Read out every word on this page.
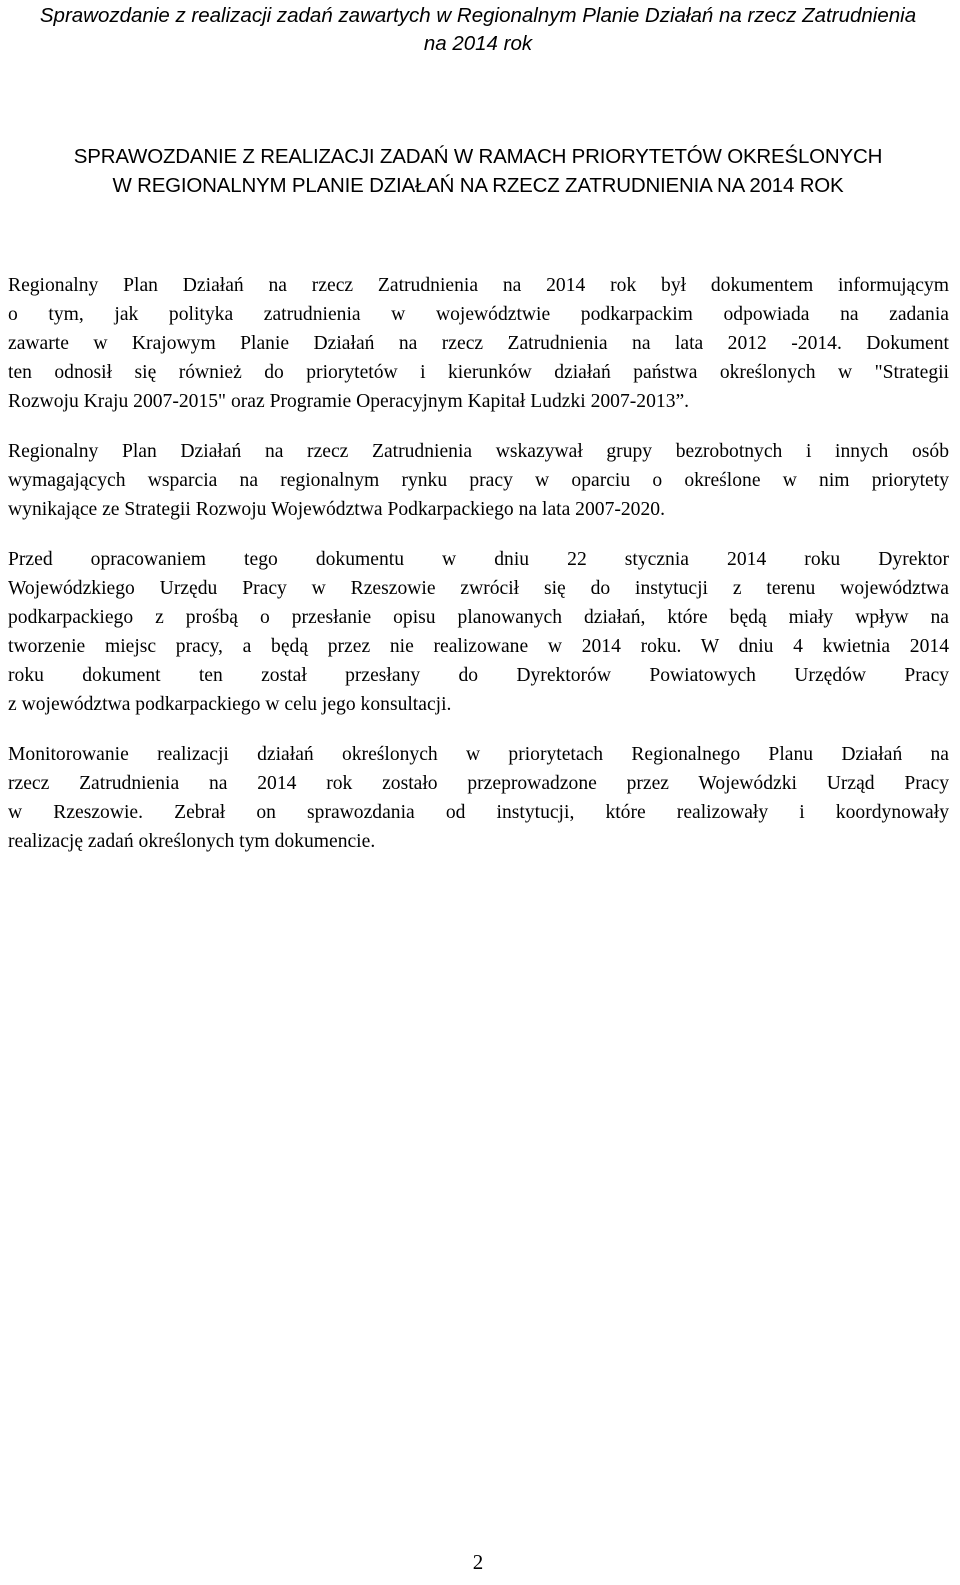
Sprawozdanie z realizacji zadań zawartych w Regionalnym Planie Działań na rzecz Zatrudnienia
na 2014 rok
SPRAWOZDANIE Z REALIZACJI ZADAŃ W RAMACH PRIORYTETÓW OKREŚLONYCH
W REGIONALNYM PLANIE DZIAŁAŃ NA RZECZ ZATRUDNIENIA NA 2014 ROK

Regionalny Plan Działań na rzecz Zatrudnienia na 2014 rok był dokumentem informującym
o tym, jak polityka zatrudnienia w województwie podkarpackim odpowiada na zadania
zawarte w Krajowym Planie Działań na rzecz Zatrudnienia na lata 2012 -2014. Dokument
ten odnosił się również do priorytetów i kierunków działań państwa określonych w "Strategii
Rozwoju Kraju 2007-2015" oraz Programie Operacyjnym Kapitał Ludzki 2007-2013”.

Regionalny Plan Działań na rzecz Zatrudnienia wskazywał grupy bezrobotnych i innych osób
wymagających wsparcia na regionalnym rynku pracy w oparciu o określone w nim priorytety
wynikające ze Strategii Rozwoju Województwa Podkarpackiego na lata 2007-2020.

Przed opracowaniem tego dokumentu w dniu 22 stycznia 2014 roku Dyrektor
Wojewódzkiego Urzędu Pracy w Rzeszowie zwrócił się do instytucji z terenu województwa
podkarpackiego z prośbą o przesłanie opisu planowanych działań, które będą miały wpływ na
tworzenie miejsc pracy, a będą przez nie realizowane w 2014 roku. W dniu 4 kwietnia 2014
roku dokument ten został przesłany do Dyrektorów Powiatowych Urzędów Pracy
z województwa podkarpackiego w celu jego konsultacji.

Monitorowanie realizacji działań określonych w priorytetach Regionalnego Planu Działań na
rzecz Zatrudnienia na 2014 rok zostało przeprowadzone przez Wojewódzki Urząd Pracy
w Rzeszowie. Zebrał on sprawozdania od instytucji, które realizowały i koordynowały
realizację zadań określonych tym dokumencie.

2
